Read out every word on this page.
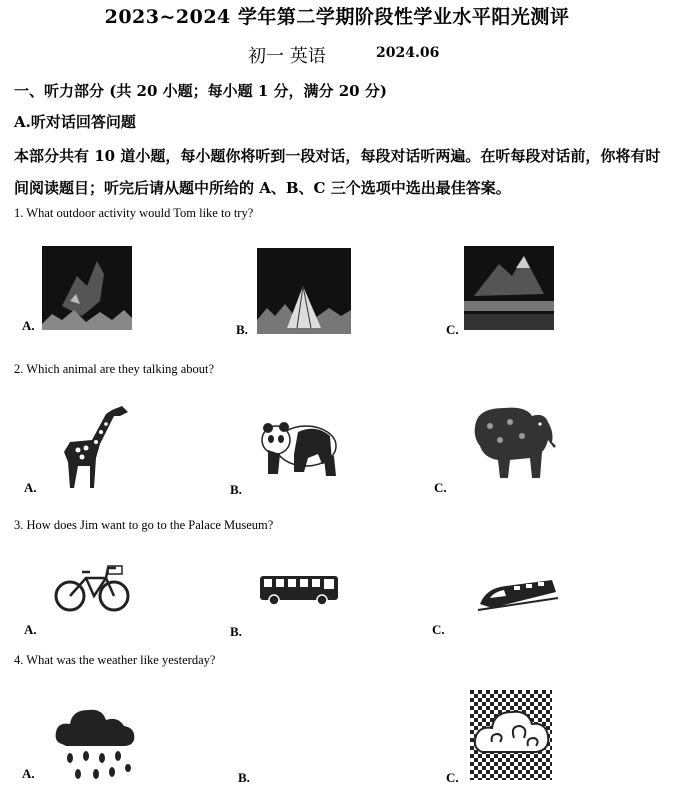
2023~2024 学年第二学期阶段性学业水平阳光测评
初一 英语	2024.06
一、听力部分 (共 20 小题；每小题 1 分，满分 20 分)
A.听对话回答问题
本部分共有 10 道小题，每小题你将听到一段对话，每段对话听两遍。在听每段对话前，你将有时间阅读题目；听完后请从题中所给的 A、B、C 三个选项中选出最佳答案。
1. What outdoor activity would Tom like to try?
A.	B.	C.
2. Which animal are they talking about?
A.	B.	C.
3. How does Jim want to go to the Palace Museum?
A.	B.	C.
4. What was the weather like yesterday?
A.	B.	C.
